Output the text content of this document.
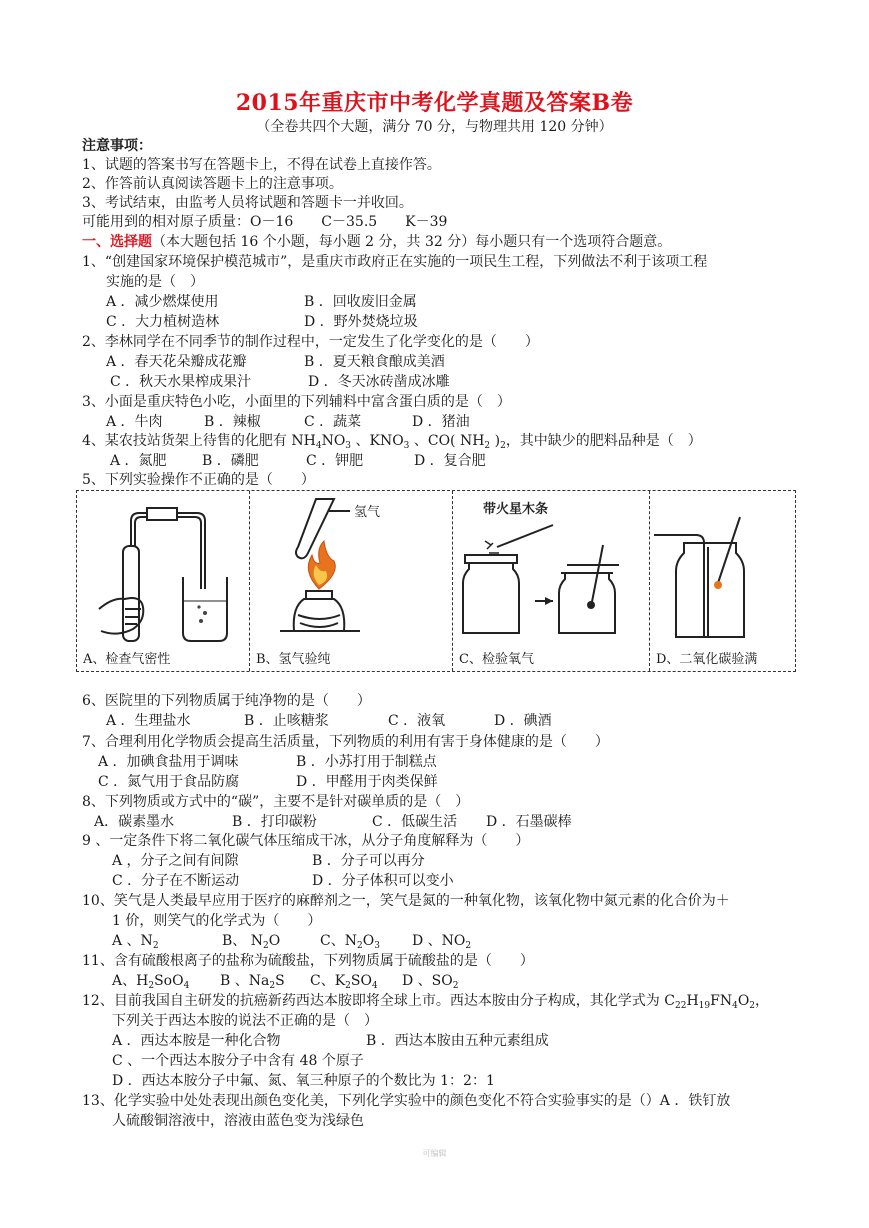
2015年重庆市中考化学真题及答案B卷
（全卷共四个大题，满分 70 分，与物理共用 120 分钟）
注意事项：
1、试题的答案书写在答题卡上，不得在试卷上直接作答。
2、作答前认真阅读答题卡上的注意事项。
3、考试结束，由监考人员将试题和答题卡一并收回。
可能用到的相对原子质量：O－16　　C－35.5　　K－39
一、选择题（本大题包括 16 个小题，每小题 2 分，共 32 分）每小题只有一个选项符合题意。
1、“创建国家环境保护模范城市”，是重庆市政府正在实施的一项民生工程，下列做法不利于该项工程
实施的是（　）
A ．减少燃煤使用	B ．回收废旧金属
C ．大力植树造林	D ．野外焚烧垃圾
2、李林同学在不同季节的制作过程中，一定发生了化学变化的是（　　）
A ．春天花朵瓣成花瓣	B ．夏天粮食酿成美酒
C ．秋天水果榨成果汁	D ．冬天冰砖凿成冰雕
3、小面是重庆特色小吃，小面里的下列辅料中富含蛋白质的是（　）
A ．牛肉	B ．辣椒	C ．蔬菜	D ．猪油
4、某农技站货架上待售的化肥有 $NH_4NO_3$ 、$KNO_3$ 、CO( $NH_2$ )$_2$，其中缺少的肥料品种是（　）
A ．氮肥	B ．磷肥	C ．钾肥	D ．复合肥
5、下列实验操作不正确的是（　　）
A、检查气密性
氢气
B、氢气验纯
带火星木条
C、检验氧气	D、二氧化碳验满
6、医院里的下列物质属于纯净物的是（　　）
A ．生理盐水	B ．止咳糖浆	C ．液氧	D ．碘酒
7、合理利用化学物质会提高生活质量，下列物质的利用有害于身体健康的是（　　）
A ．加碘食盐用于调味	B ．小苏打用于制糕点
C ．氮气用于食品防腐	D ．甲醛用于肉类保鲜
8、下列物质或方式中的“碳”，主要不是针对碳单质的是（　）
A．碳素墨水	B ．打印碳粉	C ．低碳生活 D ．石墨碳棒
9 、一定条件下将二氧化碳气体压缩成干冰，从分子角度解释为（　　）
A ，分子之间有间隙	B ．分子可以再分
C ．分子在不断运动	D ．分子体积可以变小
10、笑气是人类最早应用于医疗的麻醉剂之一，笑气是氮的一种氧化物，该氧化物中氮元素的化合价为＋
1 价，则笑气的化学式为（　　）
A 、$N_2$	B、 $N_2O$	C、$N_2O_3$ D 、$NO_2$
11、含有硫酸根离子的盐称为硫酸盐，下列物质属于硫酸盐的是（　　）
A、$H_2SoO_4$ B 、$Na_2S$ C、$K_2SO_4$ D 、$SO_2$
12、目前我国自主研发的抗癌新药西达本胺即将全球上市。西达本胺由分子构成，其化学式为 $C_{22}H_{19}FN_4O_2$，
下列关于西达本胺的说法不正确的是（　）
A ．西达本胺是一种化合物	B ．西达本胺由五种元素组成
C 、一个西达本胺分子中含有 48 个原子
D ．西达本胺分子中氟、氮、氧三种原子的个数比为 1：2：1
13、化学实验中处处表现出颜色变化美，下列化学实验中的颜色变化不符合实验事实的是（）A ．铁钉放
人硫酸铜溶液中，溶液由蓝色变为浅绿色
可编辑
